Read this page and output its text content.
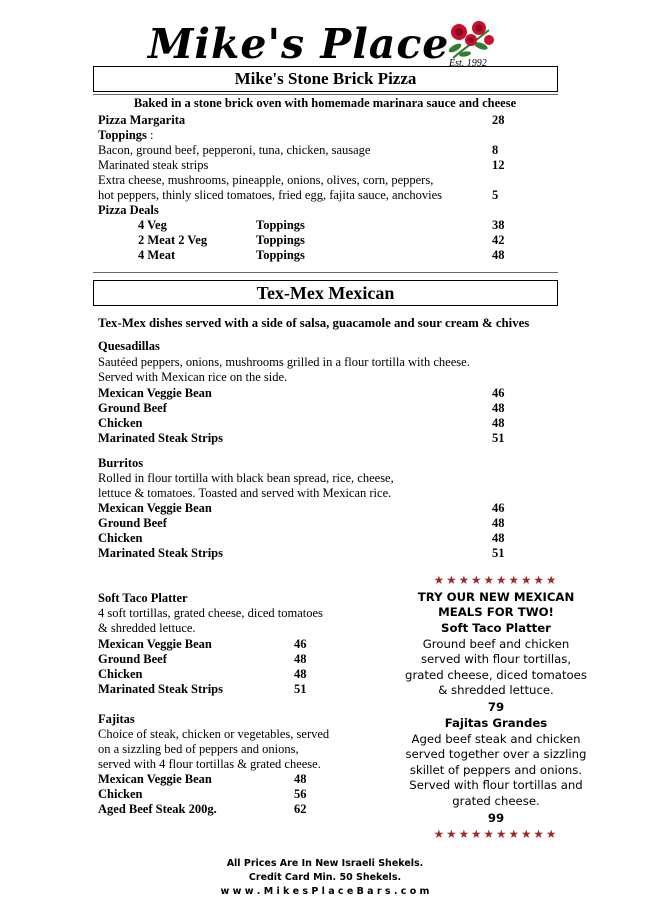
Mike's Place Est. 1992
Mike's Stone Brick Pizza
Baked in a stone brick oven with homemade marinara sauce and cheese
Pizza Margarita	28
Toppings :
Bacon, ground beef, pepperoni, tuna, chicken, sausage	8
Marinated steak strips	12
Extra cheese, mushrooms, pineapple, onions, olives, corn, peppers,
hot peppers, thinly sliced tomatoes, fried egg, fajita sauce, anchovies	5
Pizza Deals
4 Veg	Toppings	38
2 Meat 2 Veg	Toppings	42
4 Meat	Toppings	48
Tex-Mex Mexican
Tex-Mex dishes served with a side of salsa, guacamole and sour cream & chives
Quesadillas
Sautéed peppers, onions, mushrooms grilled in a flour tortilla with cheese.
Served with Mexican rice on the side.
Mexican Veggie Bean	46
Ground Beef	48
Chicken	48
Marinated Steak Strips	51
Burritos
Rolled in flour tortilla with black bean spread, rice, cheese,
lettuce & tomatoes. Toasted and served with Mexican rice.
Mexican Veggie Bean	46
Ground Beef	48
Chicken	48
Marinated Steak Strips	51
Soft Taco Platter
4 soft tortillas, grated cheese, diced tomatoes
& shredded lettuce.
Mexican Veggie Bean	46
Ground Beef	48
Chicken	48
Marinated Steak Strips	51
Fajitas
Choice of steak, chicken or vegetables, served
on a sizzling bed of peppers and onions,
served with 4 flour tortillas & grated cheese.
Mexican Veggie Bean	48
Chicken	56
Aged Beef Steak 200g.	62
★★★★★★★★★★
TRY OUR NEW MEXICAN
MEALS FOR TWO!
Soft Taco Platter
Ground beef and chicken
served with flour tortillas,
grated cheese, diced tomatoes
& shredded lettuce.
79
Fajitas Grandes
Aged beef steak and chicken
served together over a sizzling
skillet of peppers and onions.
Served with flour tortillas and
grated cheese.
99
★★★★★★★★★★
All Prices Are In New Israeli Shekels.
Credit Card Min. 50 Shekels.
w w w . M i k e s P l a c e B a r s . c o m
